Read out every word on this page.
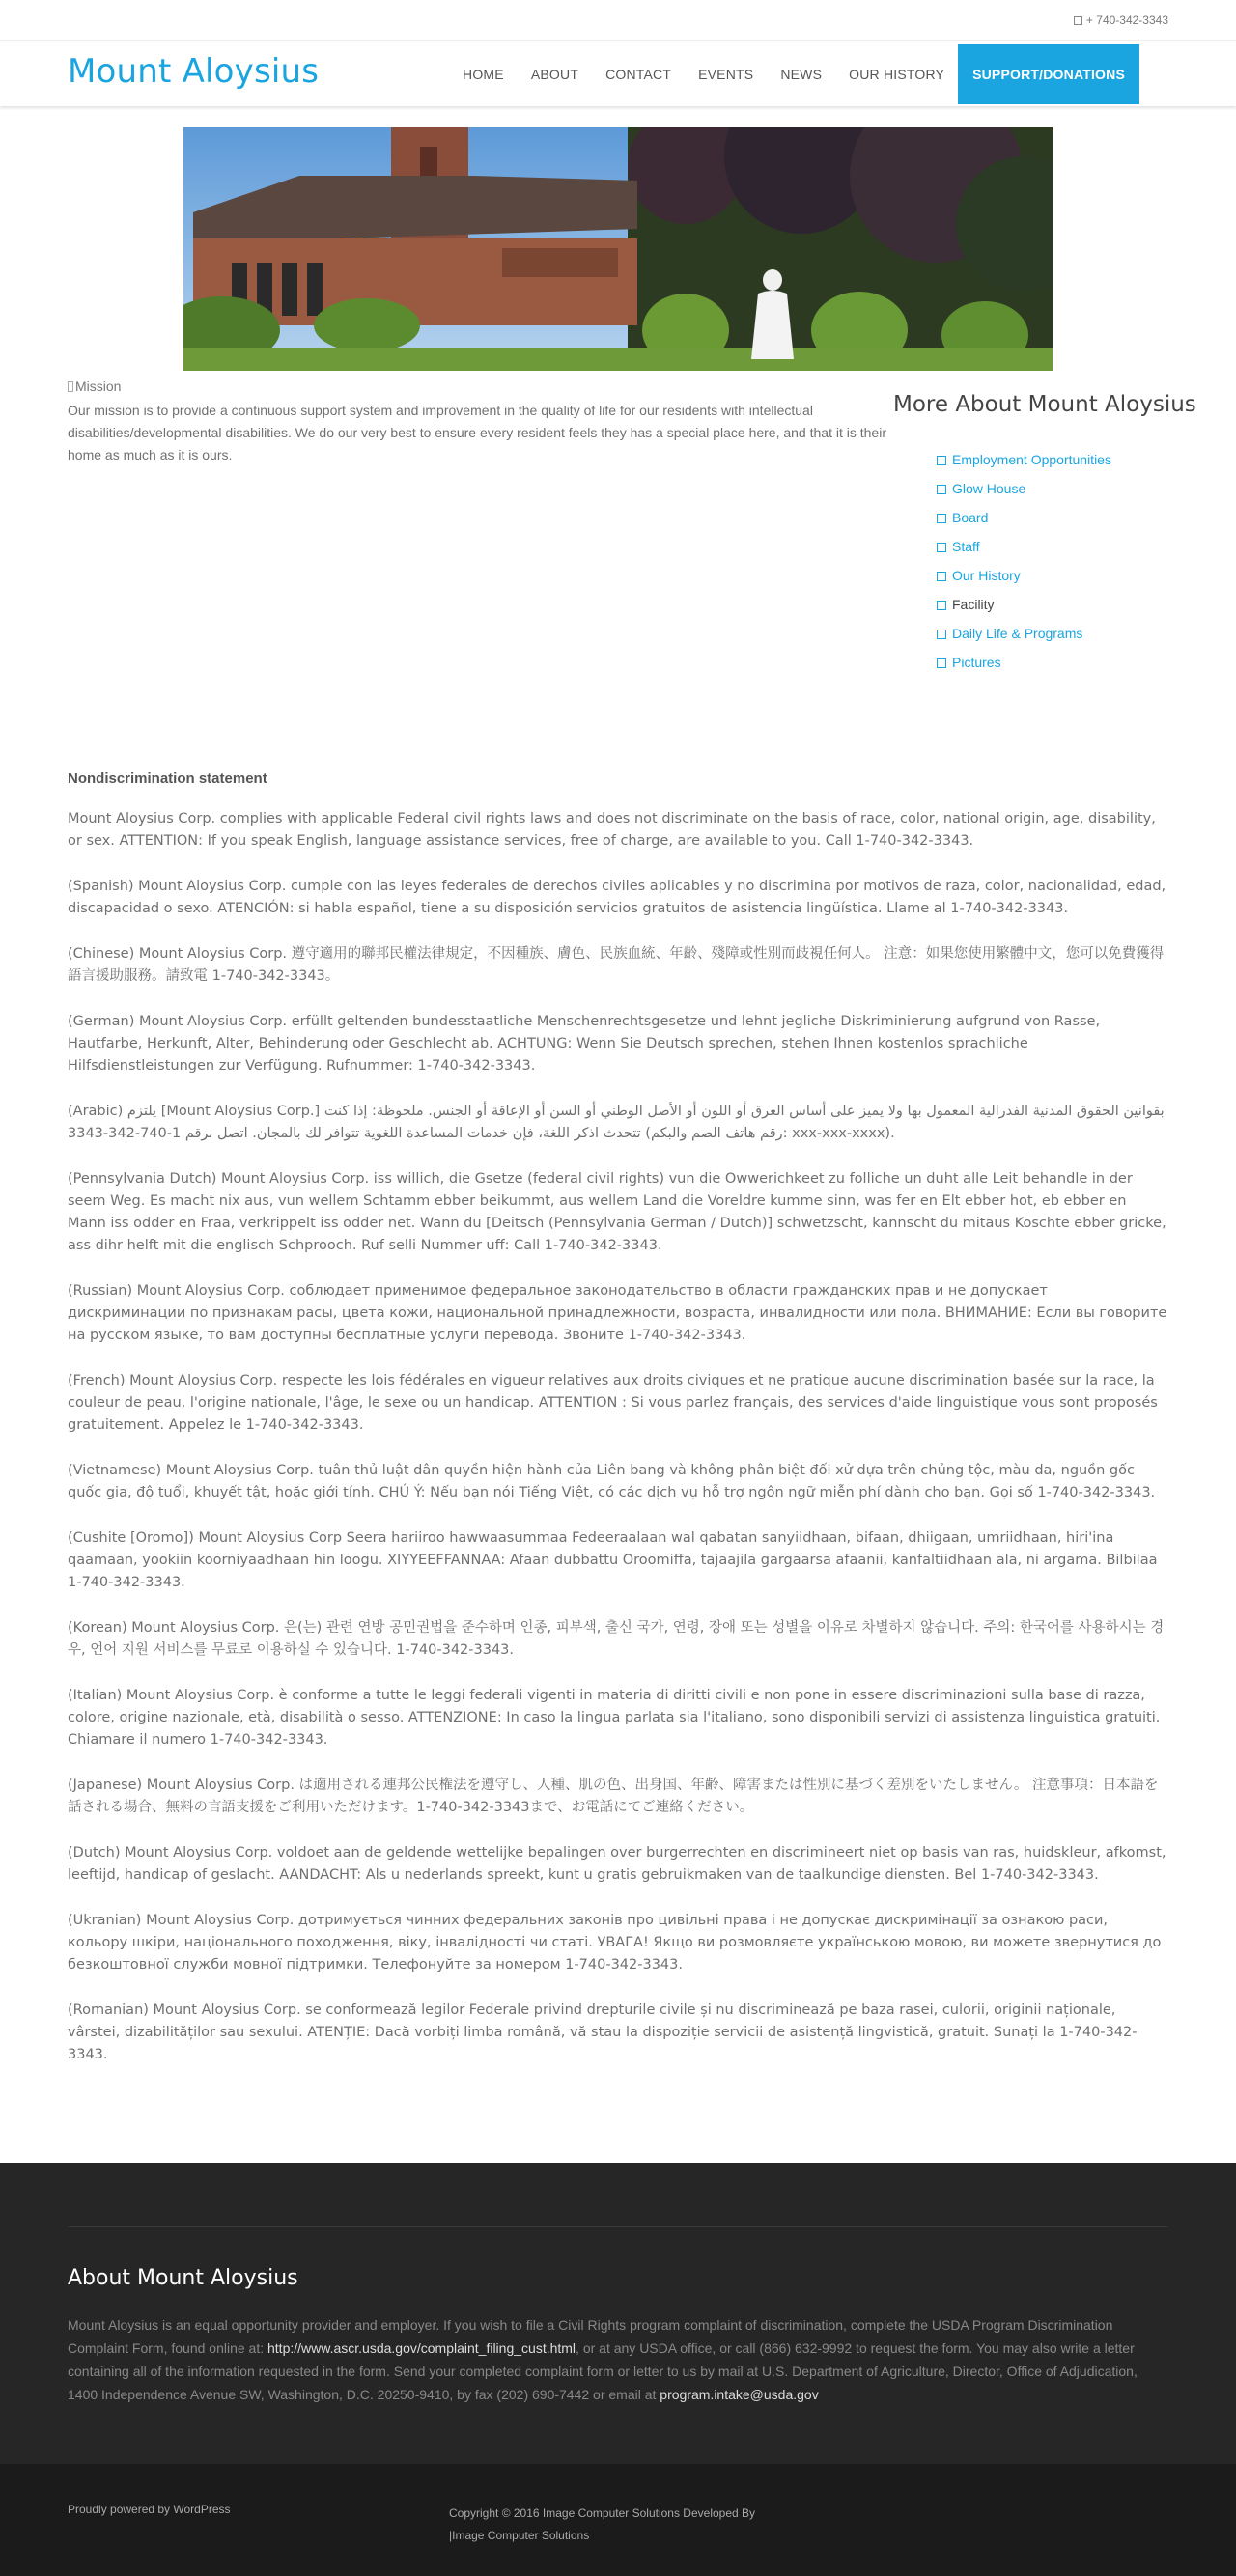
+ 740-342-3343
Mount Aloysius	HOME	ABOUT	CONTACT	EVENTS	NEWS	OUR HISTORY	SUPPORT/DONATIONS
Mission

Our mission is to provide a continuous support system and improvement in the quality of life for our residents with intellectual disabilities/developmental disabilities. We do our very best to ensure every resident feels they has a special place here, and that it is their home as much as it is ours.

More About Mount Aloysius
Employment Opportunities
Glow House
Board
Staff
Our History
Facility
Daily Life & Programs
Pictures
Nondiscrimination statement

Mount Aloysius Corp. complies with applicable Federal civil rights laws and does not discriminate on the basis of race, color, national origin, age, disability, or sex. ATTENTION: If you speak English, language assistance services, free of charge, are available to you. Call 1-740-342-3343.

(Spanish) Mount Aloysius Corp. cumple con las leyes federales de derechos civiles aplicables y no discrimina por motivos de raza, color, nacionalidad, edad, discapacidad o sexo. ATENCIÓN: si habla español, tiene a su disposición servicios gratuitos de asistencia lingüística. Llame al 1-740-342-3343.

(Chinese) Mount Aloysius Corp. 遵守適用的聯邦民權法律規定，不因種族、膚色、民族血統、年齡、殘障或性別而歧視任何人。 注意：如果您使用繁體中文，您可以免費獲得語言援助服務。請致電 1-740-342-3343。

(German) Mount Aloysius Corp. erfüllt geltenden bundesstaatliche Menschenrechtsgesetze und lehnt jegliche Diskriminierung aufgrund von Rasse, Hautfarbe, Herkunft, Alter, Behinderung oder Geschlecht ab. ACHTUNG: Wenn Sie Deutsch sprechen, stehen Ihnen kostenlos sprachliche Hilfsdienstleistungen zur Verfügung. Rufnummer: 1-740-342-3343.

(Arabic) يلتزم [Mount Aloysius Corp.] بقوانين الحقوق المدنية الفدرالية المعمول بها ولا يميز على أساس العرق أو اللون أو الأصل الوطني أو السن أو الإعاقة أو الجنس. ملحوظة: إذا كنت تتحدث اذكر اللغة، فإن خدمات المساعدة اللغوية تتوافر لك بالمجان. اتصل برقم 1-740-342-3343 (رقم هاتف الصم والبكم: xxx-xxx-xxxx).

(Pennsylvania Dutch) Mount Aloysius Corp. iss willich, die Gsetze (federal civil rights) vun die Owwerichkeet zu folliche un duht alle Leit behandle in der seem Weg. Es macht nix aus, vun wellem Schtamm ebber beikummt, aus wellem Land die Voreldre kumme sinn, was fer en Elt ebber hot, eb ebber en Mann iss odder en Fraa, verkrippelt iss odder net. Wann du [Deitsch (Pennsylvania German / Dutch)] schwetzscht, kannscht du mitaus Koschte ebber gricke, ass dihr helft mit die englisch Schprooch. Ruf selli Nummer uff: Call 1-740-342-3343.

(Russian) Mount Aloysius Corp. соблюдает применимое федеральное законодательство в области гражданских прав и не допускает дискриминации по признакам расы, цвета кожи, национальной принадлежности, возраста, инвалидности или пола. ВНИМАНИЕ: Если вы говорите на русском языке, то вам доступны бесплатные услуги перевода. Звоните 1-740-342-3343.

(French) Mount Aloysius Corp. respecte les lois fédérales en vigueur relatives aux droits civiques et ne pratique aucune discrimination basée sur la race, la couleur de peau, l'origine nationale, l'âge, le sexe ou un handicap. ATTENTION : Si vous parlez français, des services d'aide linguistique vous sont proposés gratuitement. Appelez le 1-740-342-3343.

(Vietnamese) Mount Aloysius Corp. tuân thủ luật dân quyền hiện hành của Liên bang và không phân biệt đối xử dựa trên chủng tộc, màu da, nguồn gốc quốc gia, độ tuổi, khuyết tật, hoặc giới tính. CHÚ Ý: Nếu bạn nói Tiếng Việt, có các dịch vụ hỗ trợ ngôn ngữ miễn phí dành cho bạn. Gọi số 1-740-342-3343.

(Cushite [Oromo]) Mount Aloysius Corp Seera hariiroo hawwaasummaa Fedeeraalaan wal qabatan sanyiidhaan, bifaan, dhiigaan, umriidhaan, hiri'ina qaamaan, yookiin koorniyaadhaan hin loogu. XIYYEEFFANNAA: Afaan dubbattu Oroomiffa, tajaajila gargaarsa afaanii, kanfaltiidhaan ala, ni argama. Bilbilaa 1-740-342-3343.

(Korean) Mount Aloysius Corp. 은(는) 관련 연방 공민권법을 준수하며 인종, 피부색, 출신 국가, 연령, 장애 또는 성별을 이유로 차별하지 않습니다. 주의: 한국어를 사용하시는 경우, 언어 지원 서비스를 무료로 이용하실 수 있습니다. 1-740-342-3343.

(Italian) Mount Aloysius Corp. è conforme a tutte le leggi federali vigenti in materia di diritti civili e non pone in essere discriminazioni sulla base di razza, colore, origine nazionale, età, disabilità o sesso. ATTENZIONE: In caso la lingua parlata sia l'italiano, sono disponibili servizi di assistenza linguistica gratuiti. Chiamare il numero 1-740-342-3343.

(Japanese) Mount Aloysius Corp. は適用される連邦公民権法を遵守し、人種、肌の色、出身国、年齢、障害または性別に基づく差別をいたしません。 注意事項：日本語を話される場合、無料の言語支援をご利用いただけます。1-740-342-3343まで、お電話にてご連絡ください。

(Dutch) Mount Aloysius Corp. voldoet aan de geldende wettelijke bepalingen over burgerrechten en discrimineert niet op basis van ras, huidskleur, afkomst, leeftijd, handicap of geslacht. AANDACHT: Als u nederlands spreekt, kunt u gratis gebruikmaken van de taalkundige diensten. Bel 1-740-342-3343.

(Ukranian) Mount Aloysius Corp. дотримується чинних федеральних законів про цивільні права і не допускає дискримінації за ознакою раси, кольору шкіри, національного походження, віку, інвалідності чи статі. УВАГА! Якщо ви розмовляєте українською мовою, ви можете звернутися до безкоштовної служби мовної підтримки. Телефонуйте за номером 1-740-342-3343.

(Romanian) Mount Aloysius Corp. se conformează legilor Federale privind drepturile civile și nu discriminează pe baza rasei, culorii, originii naționale, vârstei, dizabilităților sau sexului. ATENȚIE: Dacă vorbiți limba română, vă stau la dispoziție servicii de asistență lingvistică, gratuit. Sunați la 1-740-342-3343.

About Mount Aloysius

Mount Aloysius is an equal opportunity provider and employer. If you wish to file a Civil Rights program complaint of discrimination, complete the USDA Program Discrimination Complaint Form, found online at: http://www.ascr.usda.gov/complaint_filing_cust.html, or at any USDA office, or call (866) 632-9992 to request the form. You may also write a letter containing all of the information requested in the form. Send your completed complaint form or letter to us by mail at U.S. Department of Agriculture, Director, Office of Adjudication, 1400 Independence Avenue SW, Washington, D.C. 20250-9410, by fax (202) 690-7442 or email at program.intake@usda.gov

Proudly powered by WordPress	Copyright © 2016 Image Computer Solutions Developed By
|Image Computer Solutions
